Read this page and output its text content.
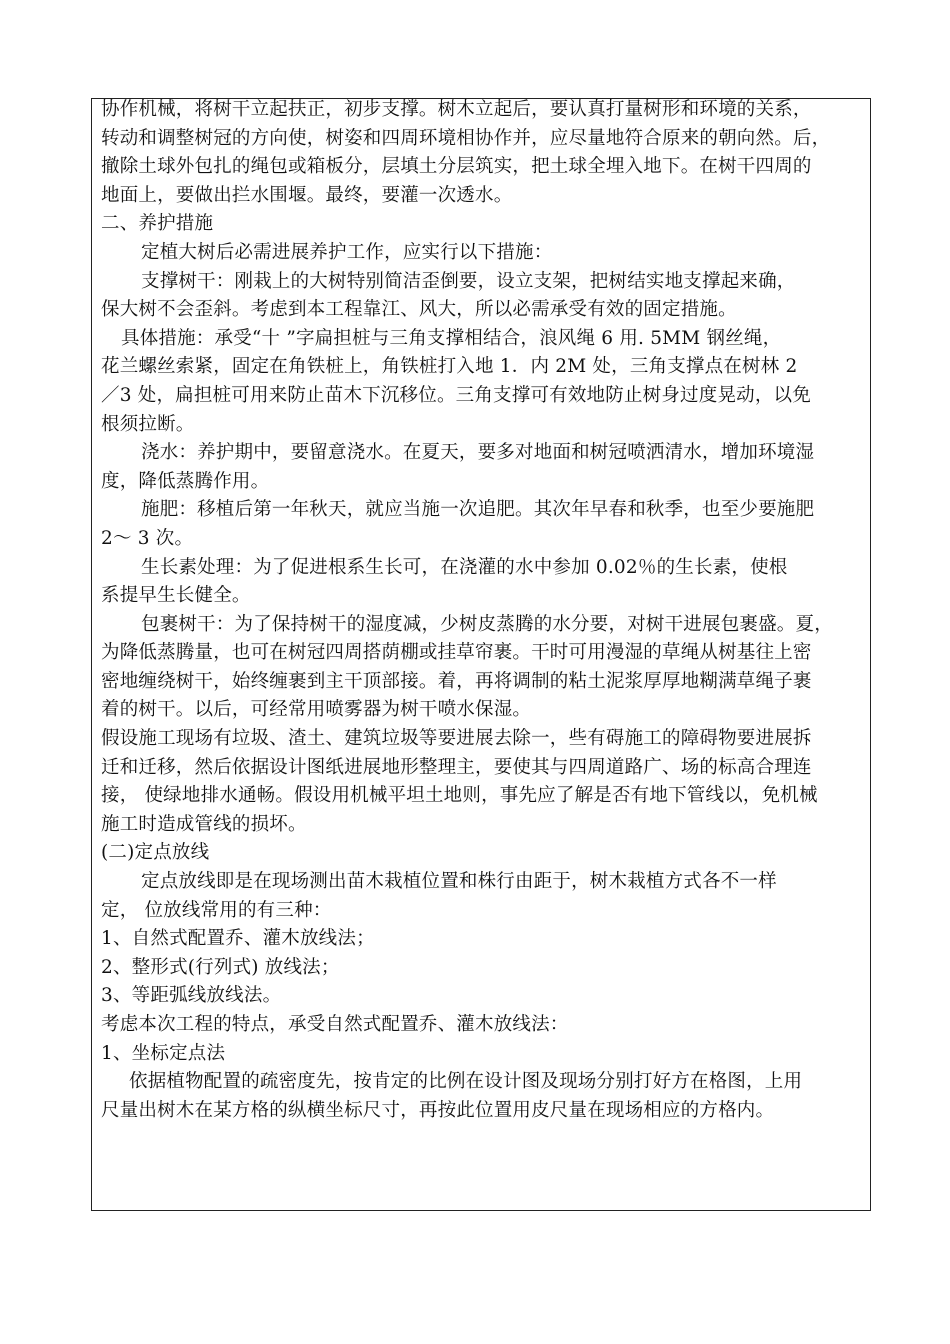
协作机械，将树干立起扶正，初步支撑。树木立起后，要认真打量树形和环境的关系，
转动和调整树冠的方向使，树姿和四周环境相协作并，应尽量地符合原来的朝向然。后，
撤除土球外包扎的绳包或箱板分，层填土分层筑实，把土球全埋入地下。在树干四周的
地面上，要做出拦水围堰。最终，要灌一次透水。
二、养护措施
定植大树后必需进展养护工作，应实行以下措施：
支撑树干：刚栽上的大树特别简洁歪倒要，设立支架，把树结实地支撑起来确，
保大树不会歪斜。考虑到本工程靠江、风大，所以必需承受有效的固定措施。
具体措施：承受“十 ”字扁担桩与三角支撑相结合，浪风绳 6 用. 5MM 钢丝绳，
花兰螺丝索紧，固定在角铁桩上，角铁桩打入地 1．内 2M 处，三角支撑点在树林 2
／3 处，扁担桩可用来防止苗木下沉移位。三角支撑可有效地防止树身过度晃动，以免
根须拉断。
浇水：养护期中，要留意浇水。在夏天，要多对地面和树冠喷洒清水，增加环境湿
度，降低蒸腾作用。
施肥：移植后第一年秋天，就应当施一次追肥。其次年早春和秋季，也至少要施肥
2～ 3 次。
生长素处理：为了促进根系生长可，在浇灌的水中参加 0.02％的生长素，使根
系提早生长健全。
包裹树干：为了保持树干的湿度减，少树皮蒸腾的水分要，对树干进展包裹盛。夏，
为降低蒸腾量，也可在树冠四周搭荫棚或挂草帘裹。干时可用漫湿的草绳从树基往上密
密地缠绕树干，始终缠裹到主干顶部接。着，再将调制的粘土泥浆厚厚地糊满草绳子裹
着的树干。以后，可经常用喷雾器为树干喷水保湿。
假设施工现场有垃圾、渣土、建筑垃圾等要进展去除一，些有碍施工的障碍物要进展拆
迁和迁移，然后依据设计图纸进展地形整理主，要使其与四周道路广、场的标高合理连
接， 使绿地排水通畅。假设用机械平坦土地则，事先应了解是否有地下管线以，免机械
施工时造成管线的损坏。
(二)定点放线
定点放线即是在现场测出苗木栽植位置和株行由距于，树木栽植方式各不一样
定， 位放线常用的有三种：
1、自然式配置乔、灌木放线法；
2、整形式(行列式) 放线法；
3、等距弧线放线法。
考虑本次工程的特点，承受自然式配置乔、灌木放线法：
1、坐标定点法
依据植物配置的疏密度先，按肯定的比例在设计图及现场分别打好方在格图，上用
尺量出树木在某方格的纵横坐标尺寸，再按此位置用皮尺量在现场相应的方格内。
